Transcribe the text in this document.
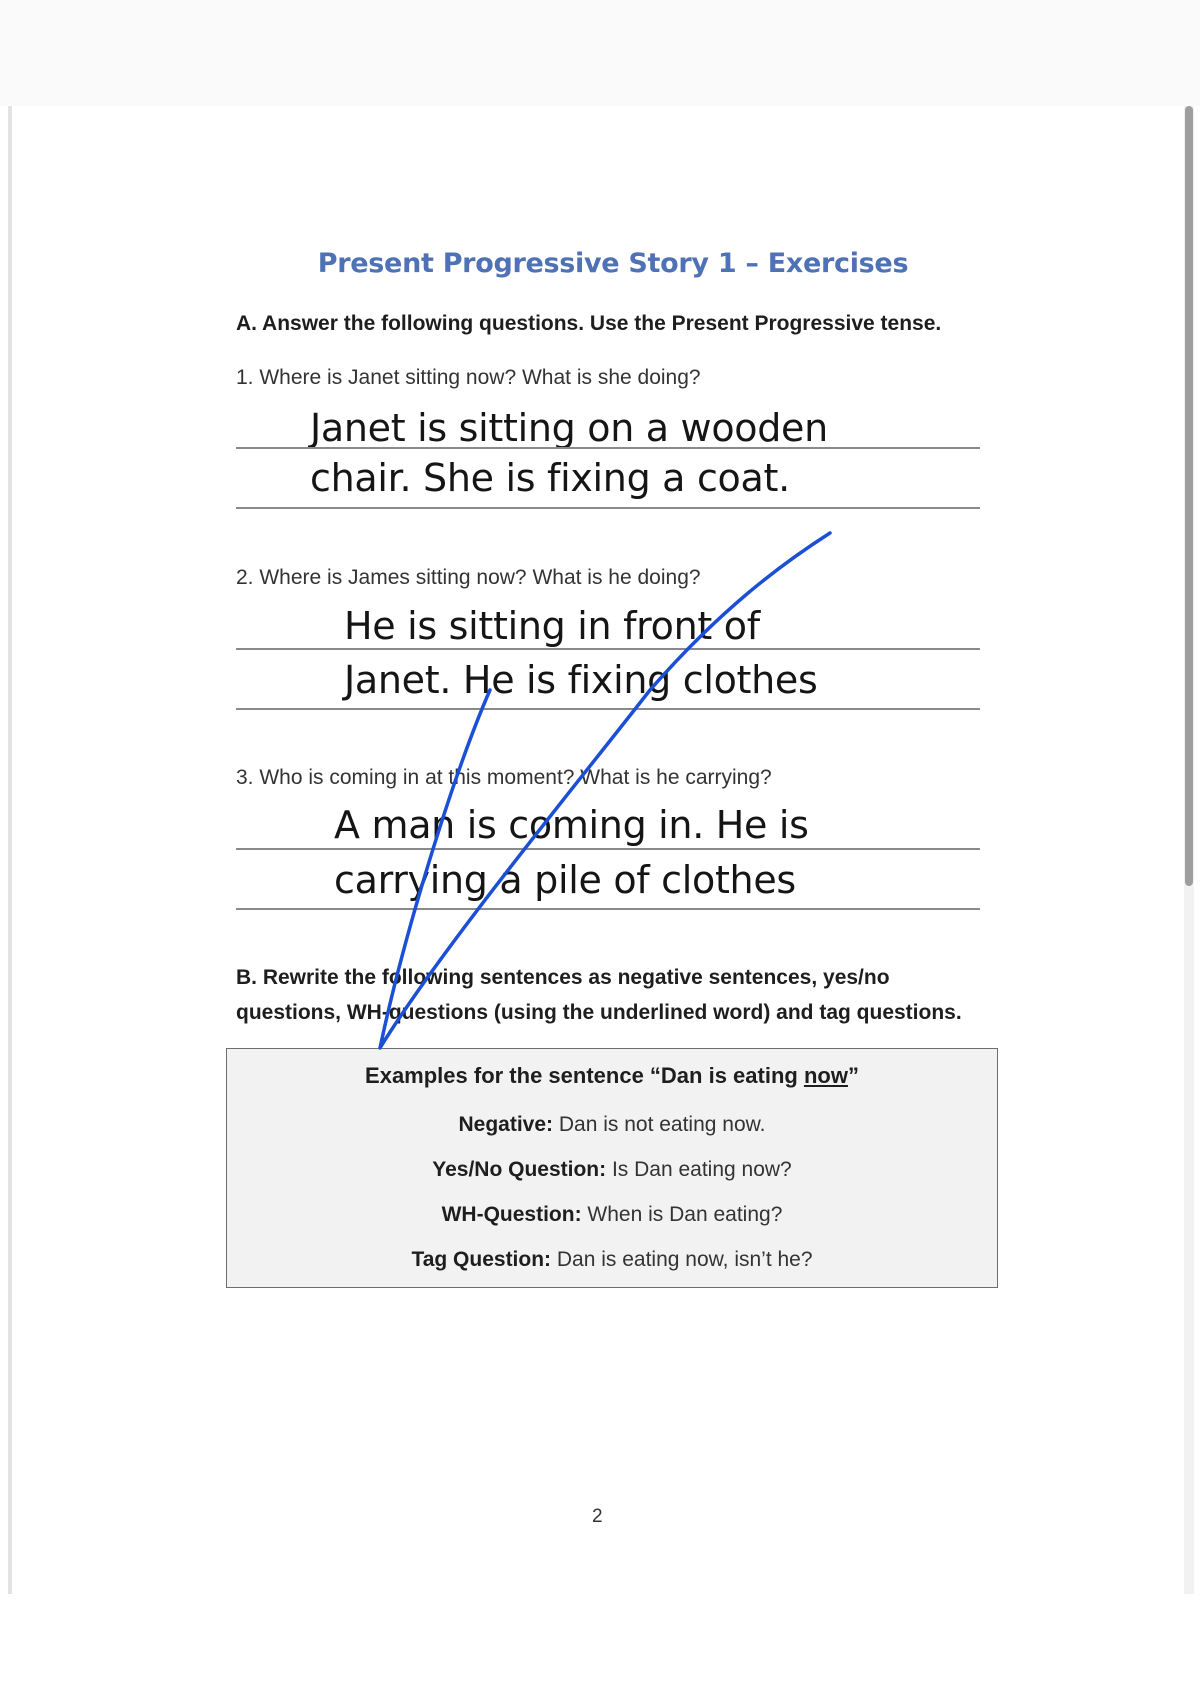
Present Progressive Story 1 – Exercises
A. Answer the following questions. Use the Present Progressive tense.
1. Where is Janet sitting now? What is she doing?
Janet is sitting on a wooden
chair. She is fixing a coat.
2. Where is James sitting now? What is he doing?
He is sitting in front of
Janet. He is fixing clothes
3. Who is coming in at this moment? What is he carrying?
A man is coming in. He is
carrying a pile of clothes
B. Rewrite the following sentences as negative sentences, yes/no
questions, WH-questions (using the underlined word) and tag questions.
Examples for the sentence “Dan is eating now”
Negative: Dan is not eating now.
Yes/No Question: Is Dan eating now?
WH-Question: When is Dan eating?
Tag Question: Dan is eating now, isn’t he?
2
